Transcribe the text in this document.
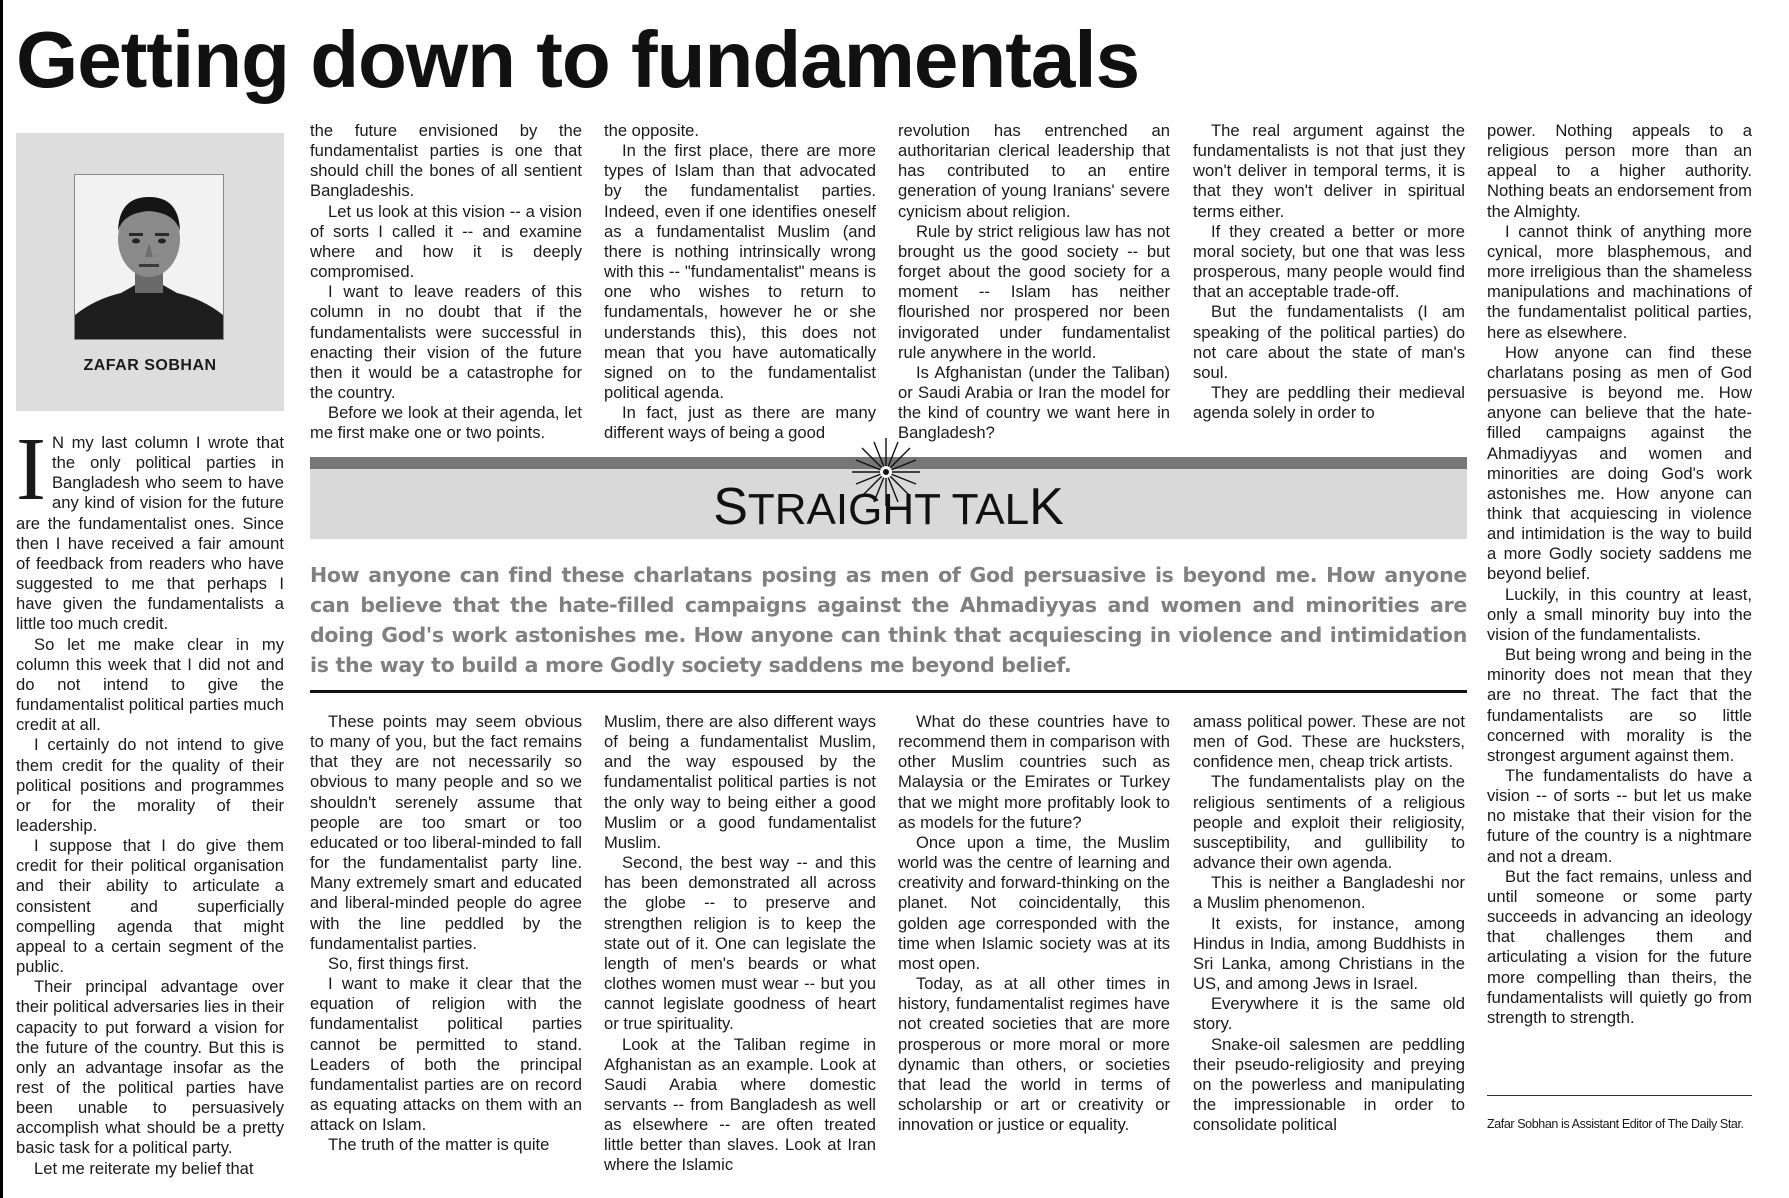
Getting down to fundamentals
ZAFAR SOBHAN
I N my last column I wrote that the only political parties in Bangladesh who seem to have any kind of vision for the future are the fundamentalist ones. Since then I have received a fair amount of feedback from readers who have suggested to me that perhaps I have given the fundamentalists a little too much credit.

So let me make clear in my column this week that I did not and do not intend to give the fundamentalist political parties much credit at all.

I certainly do not intend to give them credit for the quality of their political positions and programmes or for the morality of their leadership.

I suppose that I do give them credit for their political organisation and their ability to articulate a consistent and superficially compelling agenda that might appeal to a certain segment of the public.

Their principal advantage over their political adversaries lies in their capacity to put forward a vision for the future of the country. But this is only an advantage insofar as the rest of the political parties have been unable to persuasively accomplish what should be a pretty basic task for a political party.

Let me reiterate my belief that

the future envisioned by the fundamentalist parties is one that should chill the bones of all sentient Bangladeshis.

Let us look at this vision -- a vision of sorts I called it -- and examine where and how it is deeply compromised.

I want to leave readers of this column in no doubt that if the fundamentalists were successful in enacting their vision of the future then it would be a catastrophe for the country.

Before we look at their agenda, let me first make one or two points.

the opposite.

In the first place, there are more types of Islam than that advocated by the fundamentalist parties. Indeed, even if one identifies oneself as a fundamentalist Muslim (and there is nothing intrinsically wrong with this -- "fundamentalist" means is one who wishes to return to fundamentals, however he or she understands this), this does not mean that you have automatically signed on to the fundamentalist political agenda.

In fact, just as there are many different ways of being a good

revolution has entrenched an authoritarian clerical leadership that has contributed to an entire generation of young Iranians' severe cynicism about religion.

Rule by strict religious law has not brought us the good society -- but forget about the good society for a moment -- Islam has neither flourished nor prospered nor been invigorated under fundamentalist rule anywhere in the world.

Is Afghanistan (under the Taliban) or Saudi Arabia or Iran the model for the kind of country we want here in Bangladesh?

The real argument against the fundamentalists is not that just they won't deliver in temporal terms, it is that they won't deliver in spiritual terms either.

If they created a better or more moral society, but one that was less prosperous, many people would find that an acceptable trade-off.

But the fundamentalists (I am speaking of the political parties) do not care about the state of man's soul.

They are peddling their medieval agenda solely in order to

STRAIGHT TALK
How anyone can find these charlatans posing as men of God persuasive is beyond me. How anyone can believe that the hate-filled campaigns against the Ahmadiyyas and women and minorities are doing God's work astonishes me. How anyone can think that acquiescing in violence and intimidation is the way to build a more Godly society saddens me beyond belief.

These points may seem obvious to many of you, but the fact remains that they are not necessarily so obvious to many people and so we shouldn't serenely assume that people are too smart or too educated or too liberal-minded to fall for the fundamentalist party line. Many extremely smart and educated and liberal-minded people do agree with the line peddled by the fundamentalist parties.

So, first things first.

I want to make it clear that the equation of religion with the fundamentalist political parties cannot be permitted to stand. Leaders of both the principal fundamentalist parties are on record as equating attacks on them with an attack on Islam.

The truth of the matter is quite

Muslim, there are also different ways of being a fundamentalist Muslim, and the way espoused by the fundamentalist political parties is not the only way to being either a good Muslim or a good fundamentalist Muslim.

Second, the best way -- and this has been demonstrated all across the globe -- to preserve and strengthen religion is to keep the state out of it. One can legislate the length of men's beards or what clothes women must wear -- but you cannot legislate goodness of heart or true spirituality.

Look at the Taliban regime in Afghanistan as an example. Look at Saudi Arabia where domestic servants -- from Bangladesh as well as elsewhere -- are often treated little better than slaves. Look at Iran where the Islamic

What do these countries have to recommend them in comparison with other Muslim countries such as Malaysia or the Emirates or Turkey that we might more profitably look to as models for the future?

Once upon a time, the Muslim world was the centre of learning and creativity and forward-thinking on the planet. Not coincidentally, this golden age corresponded with the time when Islamic society was at its most open.

Today, as at all other times in history, fundamentalist regimes have not created societies that are more prosperous or more moral or more dynamic than others, or societies that lead the world in terms of scholarship or art or creativity or innovation or justice or equality.

amass political power. These are not men of God. These are hucksters, confidence men, cheap trick artists.

The fundamentalists play on the religious sentiments of a religious people and exploit their religiosity, susceptibility, and gullibility to advance their own agenda.

This is neither a Bangladeshi nor a Muslim phenomenon.

It exists, for instance, among Hindus in India, among Buddhists in Sri Lanka, among Christians in the US, and among Jews in Israel.

Everywhere it is the same old story.

Snake-oil salesmen are peddling their pseudo-religiosity and preying on the powerless and manipulating the impressionable in order to consolidate political

power. Nothing appeals to a religious person more than an appeal to a higher authority. Nothing beats an endorsement from the Almighty.

I cannot think of anything more cynical, more blasphemous, and more irreligious than the shameless manipulations and machinations of the fundamentalist political parties, here as elsewhere.

How anyone can find these charlatans posing as men of God persuasive is beyond me. How anyone can believe that the hate-filled campaigns against the Ahmadiyyas and women and minorities are doing God's work astonishes me. How anyone can think that acquiescing in violence and intimidation is the way to build a more Godly society saddens me beyond belief.

Luckily, in this country at least, only a small minority buy into the vision of the fundamentalists.

But being wrong and being in the minority does not mean that they are no threat. The fact that the fundamentalists are so little concerned with morality is the strongest argument against them.

The fundamentalists do have a vision -- of sorts -- but let us make no mistake that their vision for the future of the country is a nightmare and not a dream.

But the fact remains, unless and until someone or some party succeeds in advancing an ideology that challenges them and articulating a vision for the future more compelling than theirs, the fundamentalists will quietly go from strength to strength.

Zafar Sobhan is Assistant Editor of The Daily Star.
